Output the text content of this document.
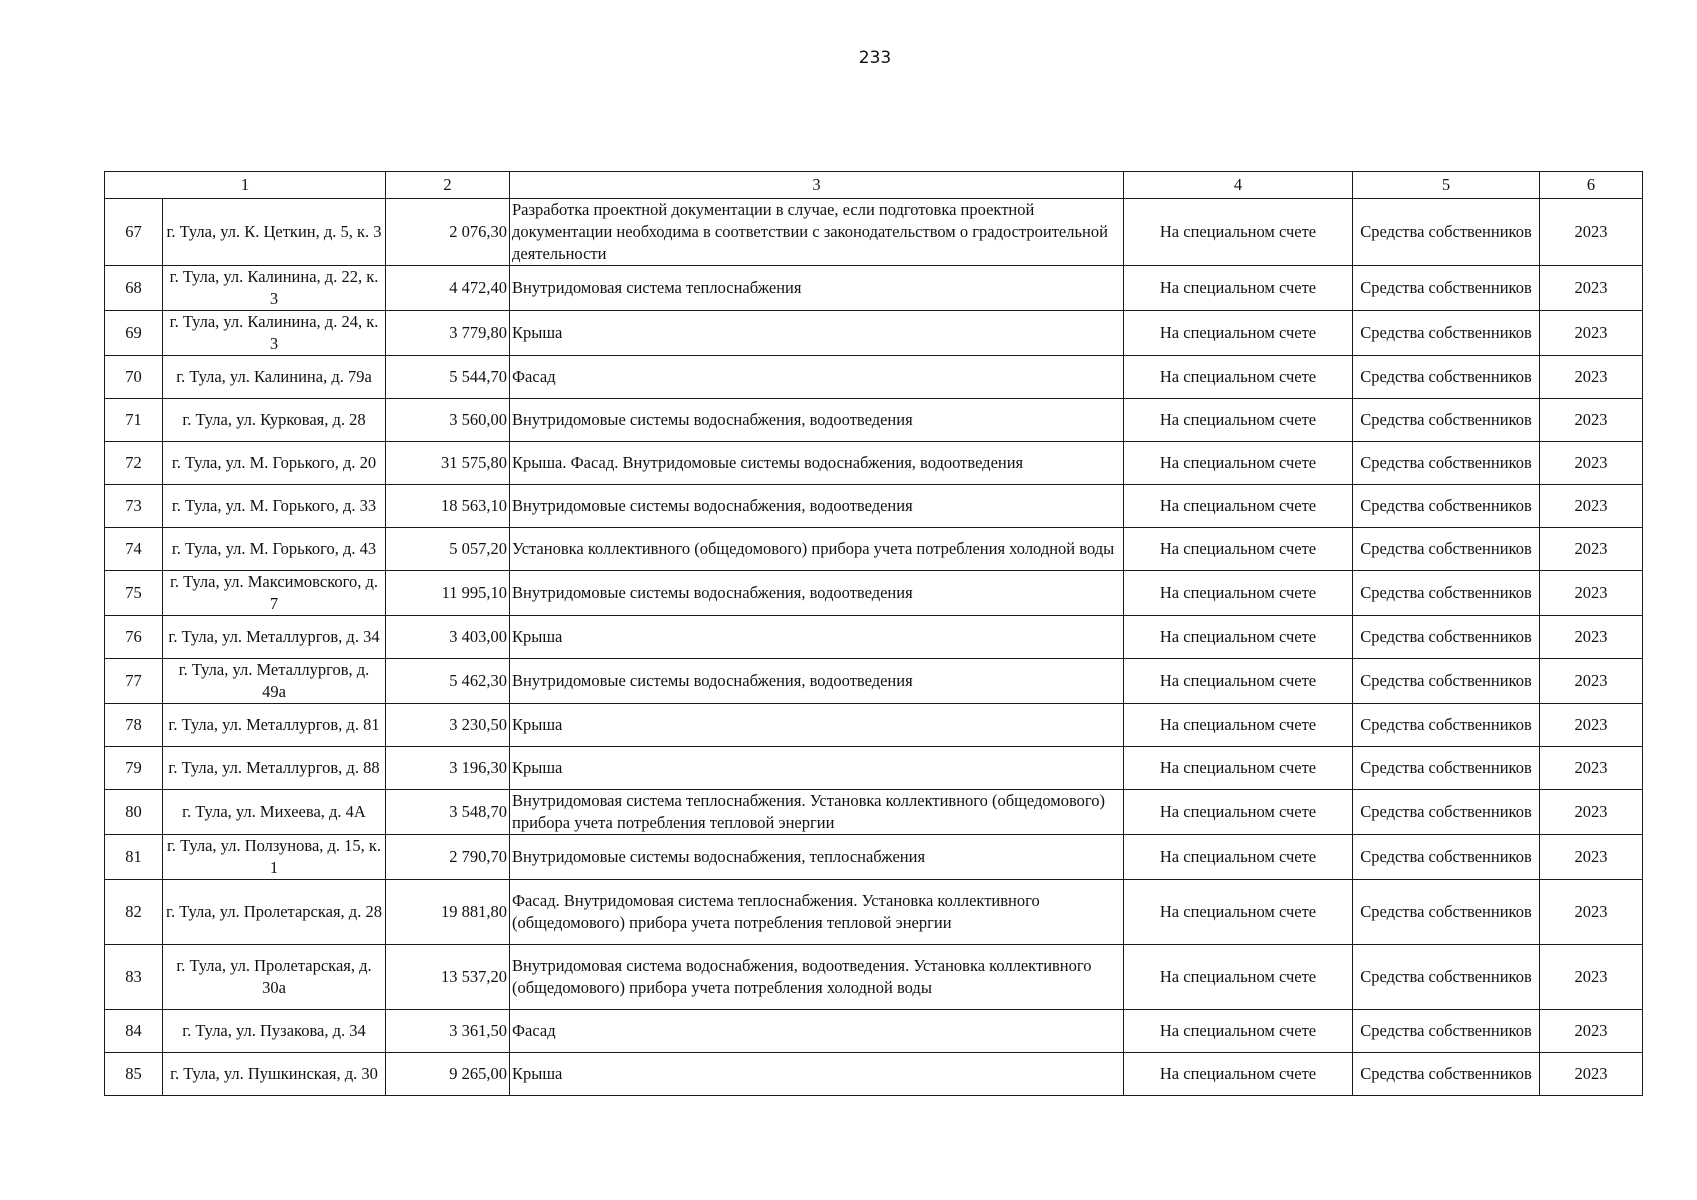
233
1		2	3	4	5	6
67	г. Тула, ул. К. Цеткин, д. 5, к. 3	2 076,30	Разработка проектной документации в случае, если подготовка проектной документации необходима в соответствии с законодательством о градостроительной деятельности	На специальном счете	Средства собственников	2023
68	г. Тула, ул. Калинина, д. 22, к. 3	4 472,40	Внутридомовая система теплоснабжения	На специальном счете	Средства собственников	2023
69	г. Тула, ул. Калинина, д. 24, к. 3	3 779,80	Крыша	На специальном счете	Средства собственников	2023
70	г. Тула, ул. Калинина, д. 79а	5 544,70	Фасад	На специальном счете	Средства собственников	2023
71	г. Тула, ул. Курковая, д. 28	3 560,00	Внутридомовые системы водоснабжения, водоотведения	На специальном счете	Средства собственников	2023
72	г. Тула, ул. М. Горького, д. 20	31 575,80	Крыша. Фасад. Внутридомовые системы водоснабжения, водоотведения	На специальном счете	Средства собственников	2023
73	г. Тула, ул. М. Горького, д. 33	18 563,10	Внутридомовые системы водоснабжения, водоотведения	На специальном счете	Средства собственников	2023
74	г. Тула, ул. М. Горького, д. 43	5 057,20	Установка коллективного (общедомового) прибора учета потребления холодной воды	На специальном счете	Средства собственников	2023
75	г. Тула, ул. Максимовского, д. 7	11 995,10	Внутридомовые системы водоснабжения, водоотведения	На специальном счете	Средства собственников	2023
76	г. Тула, ул. Металлургов, д. 34	3 403,00	Крыша	На специальном счете	Средства собственников	2023
77	г. Тула, ул. Металлургов, д. 49а	5 462,30	Внутридомовые системы водоснабжения, водоотведения	На специальном счете	Средства собственников	2023
78	г. Тула, ул. Металлургов, д. 81	3 230,50	Крыша	На специальном счете	Средства собственников	2023
79	г. Тула, ул. Металлургов, д. 88	3 196,30	Крыша	На специальном счете	Средства собственников	2023
80	г. Тула, ул. Михеева, д. 4А	3 548,70	Внутридомовая система теплоснабжения. Установка коллективного (общедомового) прибора учета потребления тепловой энергии	На специальном счете	Средства собственников	2023
81	г. Тула, ул. Ползунова, д. 15, к. 1	2 790,70	Внутридомовые системы водоснабжения, теплоснабжения	На специальном счете	Средства собственников	2023
82	г. Тула, ул. Пролетарская, д. 28	19 881,80	Фасад. Внутридомовая система теплоснабжения. Установка коллективного (общедомового) прибора учета потребления тепловой энергии	На специальном счете	Средства собственников	2023
83	г. Тула, ул. Пролетарская, д. 30а	13 537,20	Внутридомовая система водоснабжения, водоотведения. Установка коллективного (общедомового) прибора учета потребления холодной воды	На специальном счете	Средства собственников	2023
84	г. Тула, ул. Пузакова, д. 34	3 361,50	Фасад	На специальном счете	Средства собственников	2023
85	г. Тула, ул. Пушкинская, д. 30	9 265,00	Крыша	На специальном счете	Средства собственников	2023
